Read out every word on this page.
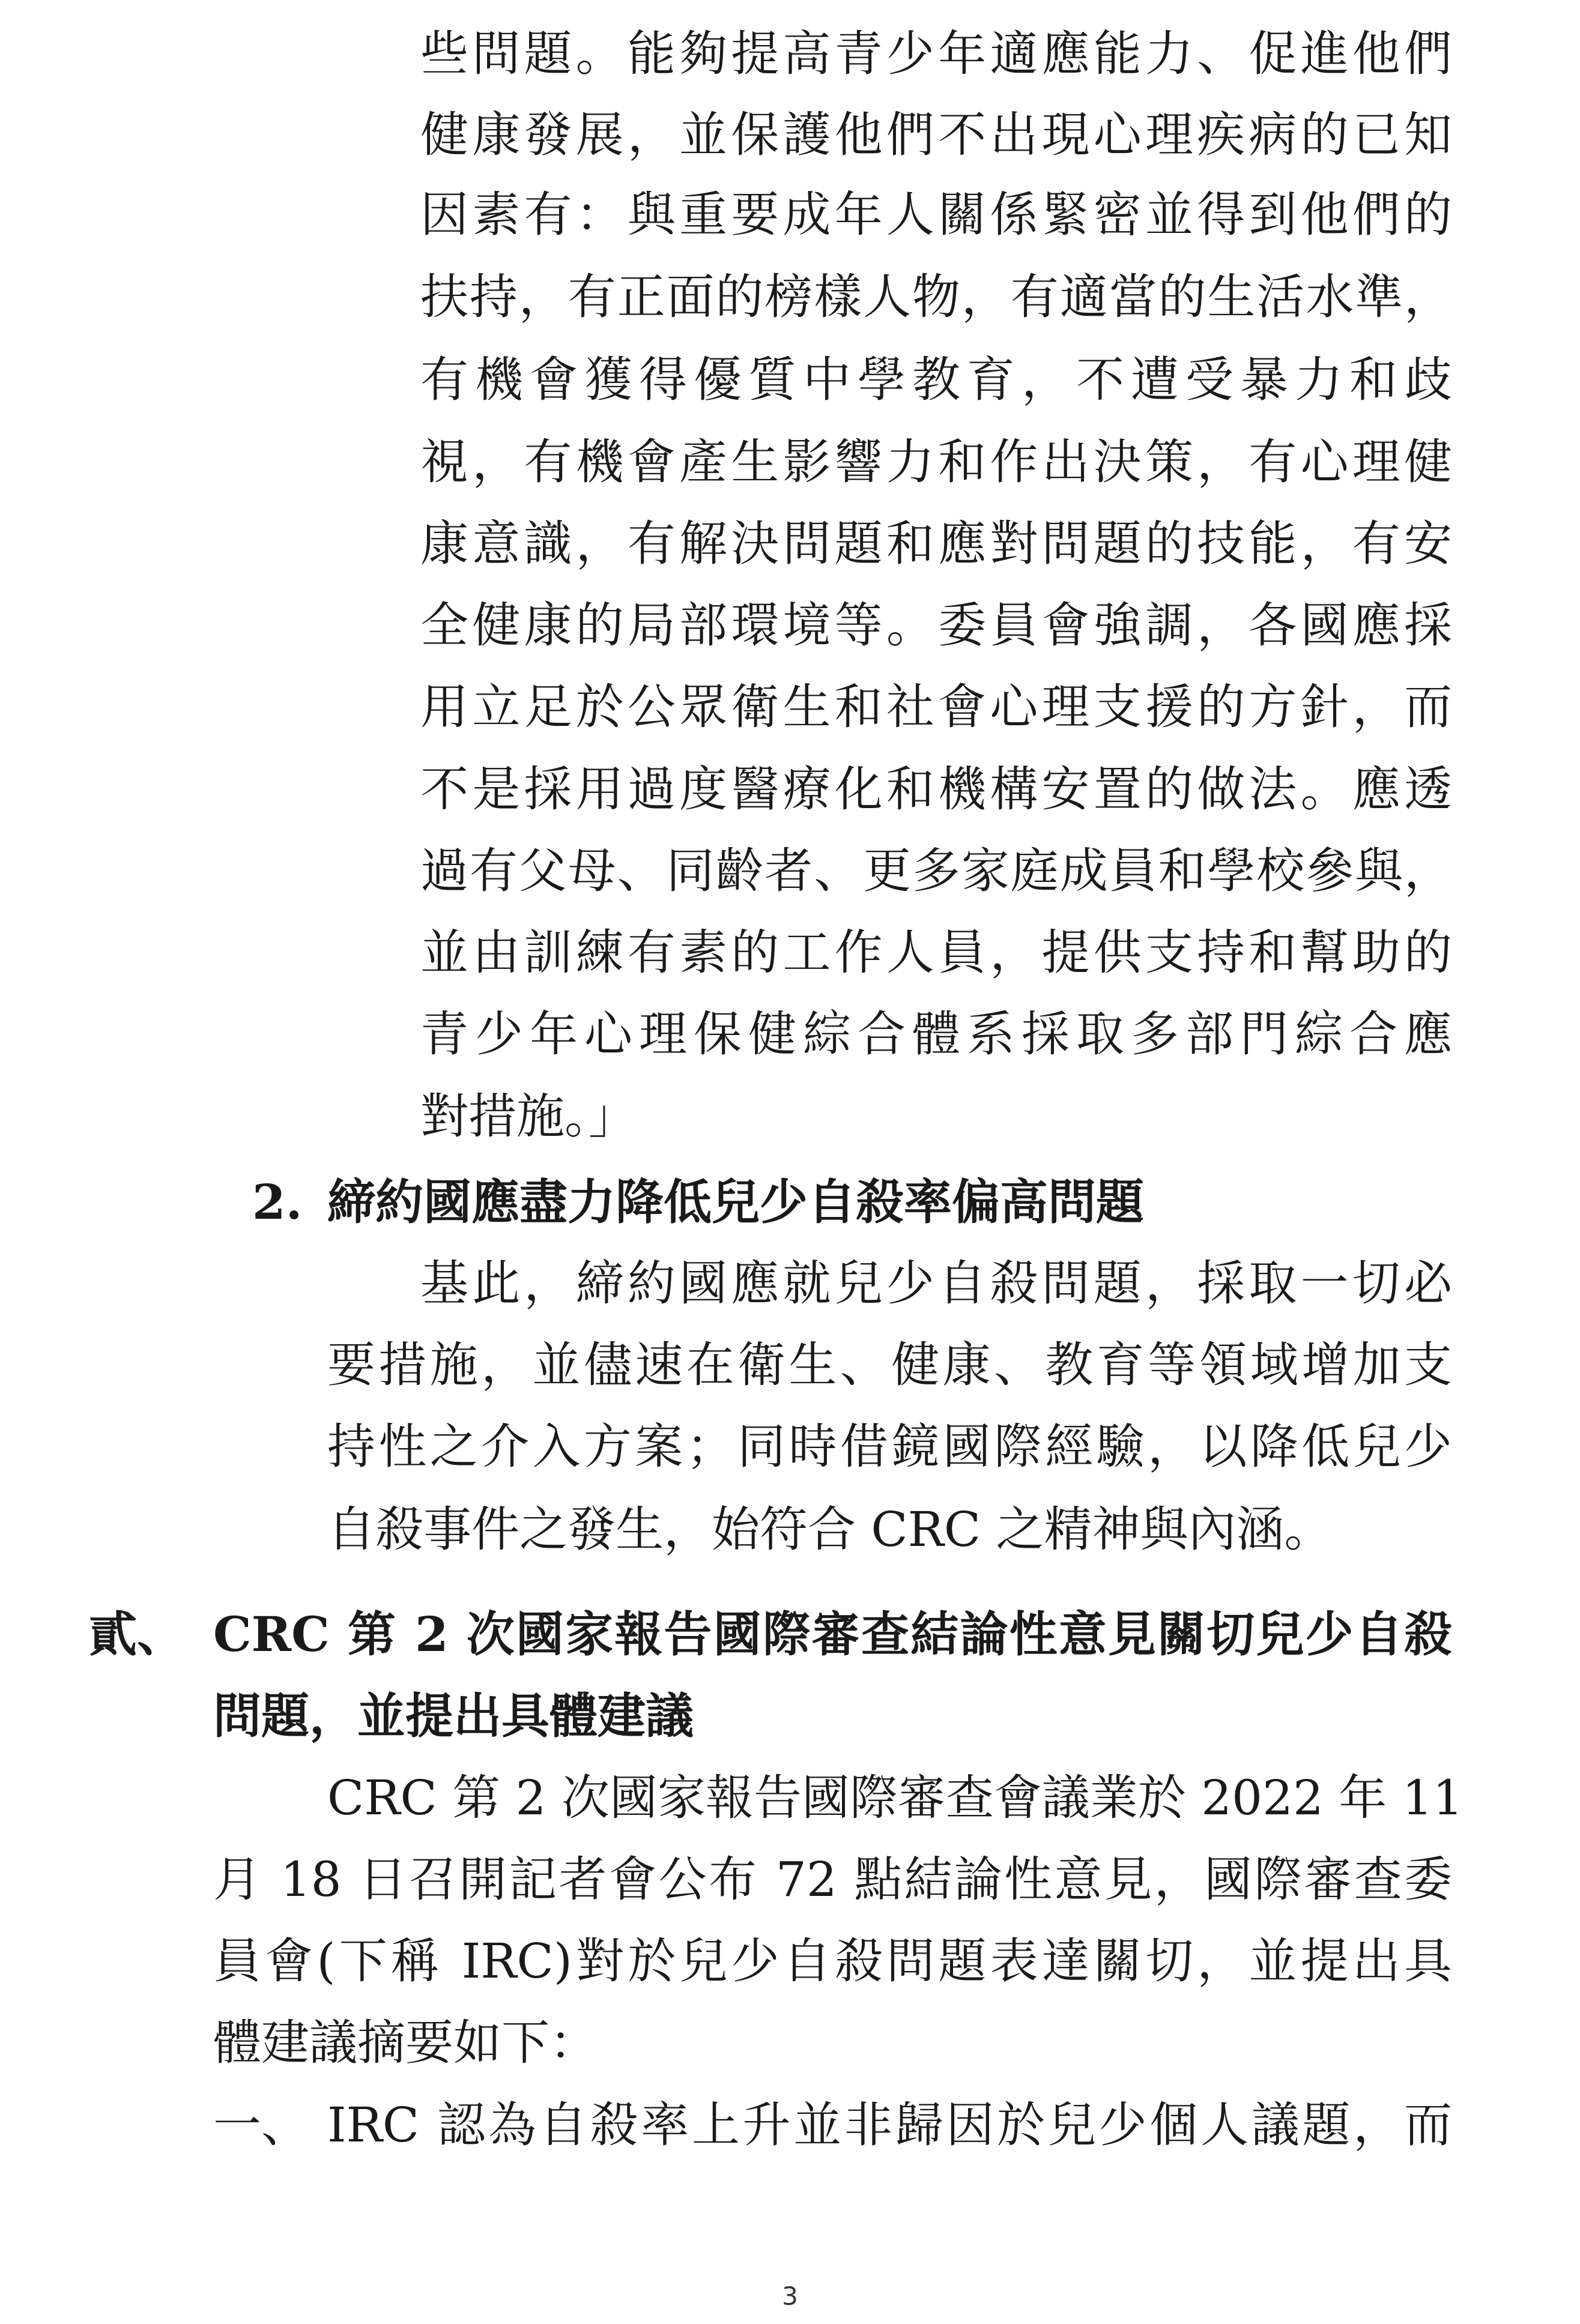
些問題。能夠提高青少年適應能力、促進他們
健康發展，並保護他們不出現心理疾病的已知
因素有：與重要成年人關係緊密並得到他們的
扶持，有正面的榜樣人物，有適當的生活水準，
有機會獲得優質中學教育，不遭受暴力和歧
視，有機會產生影響力和作出決策，有心理健
康意識，有解決問題和應對問題的技能，有安
全健康的局部環境等。委員會強調，各國應採
用立足於公眾衛生和社會心理支援的方針，而
不是採用過度醫療化和機構安置的做法。應透
過有父母、同齡者、更多家庭成員和學校參與，
並由訓練有素的工作人員，提供支持和幫助的
青少年心理保健綜合體系採取多部門綜合應
對措施。」
2. 締約國應盡力降低兒少自殺率偏高問題
基此，締約國應就兒少自殺問題，採取一切必
要措施，並儘速在衛生、健康、教育等領域增加支
持性之介入方案；同時借鏡國際經驗，以降低兒少
自殺事件之發生，始符合 CRC 之精神與內涵。
貳、 CRC 第 2 次國家報告國際審查結論性意見關切兒少自殺
問題，並提出具體建議
CRC 第 2 次國家報告國際審查會議業於 2022 年 11
月 18 日召開記者會公布 72 點結論性意見，國際審查委
員會(下稱 IRC)對於兒少自殺問題表達關切，並提出具
體建議摘要如下：
一、 IRC 認為自殺率上升並非歸因於兒少個人議題，而
3
